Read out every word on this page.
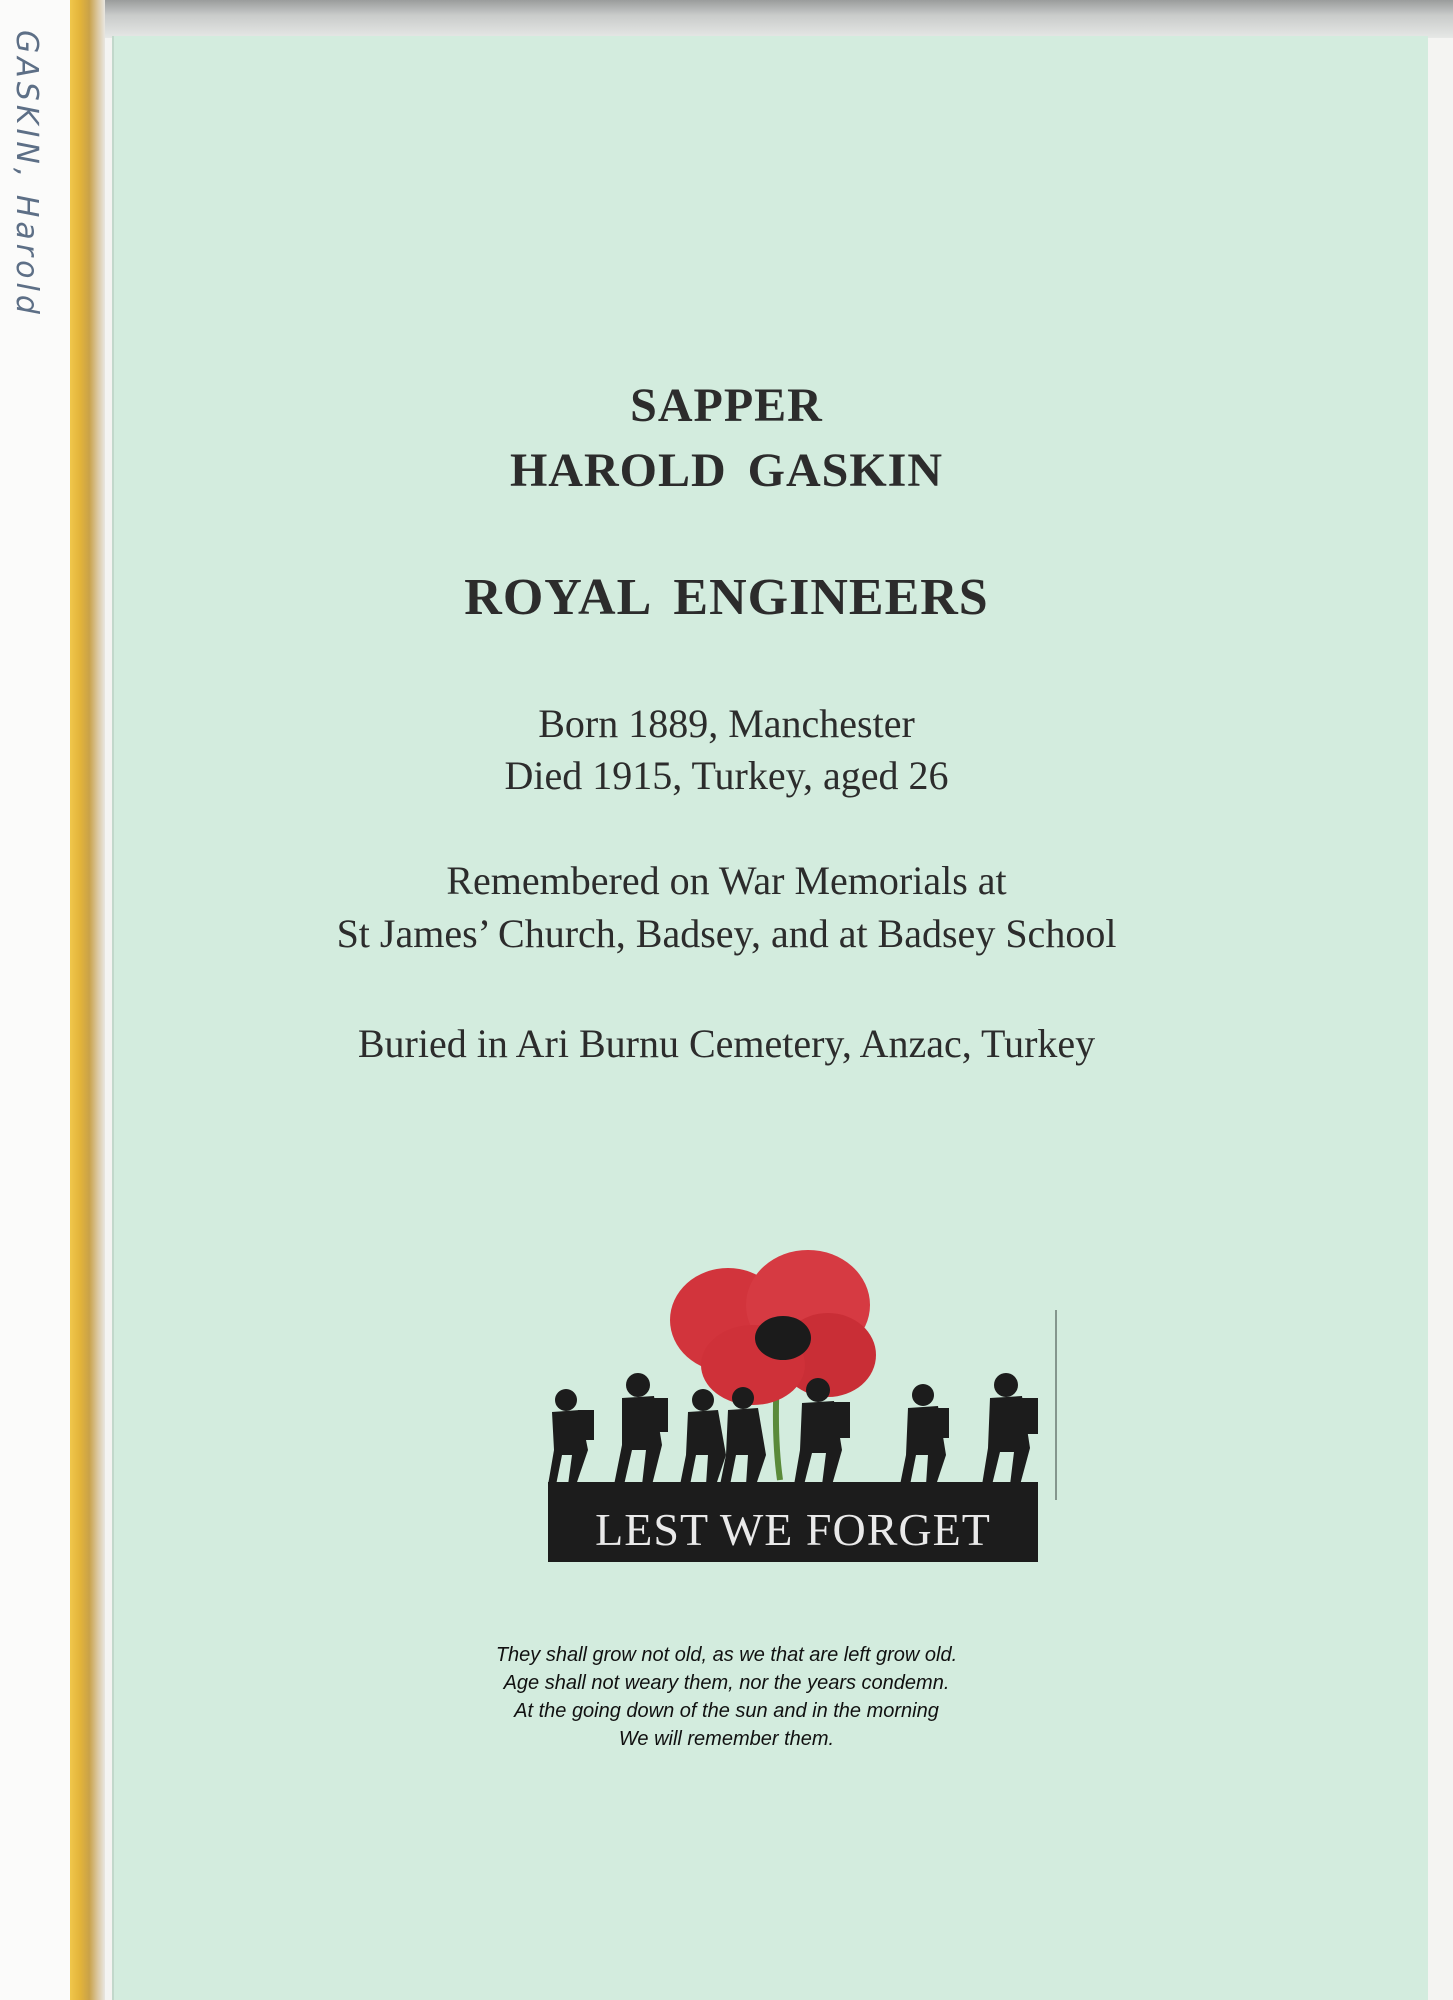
GASKIN, Harold
SAPPER
HAROLD GASKIN
ROYAL ENGINEERS
Born 1889, Manchester
Died 1915, Turkey, aged 26
Remembered on War Memorials at
St James’ Church, Badsey, and at Badsey School
Buried in Ari Burnu Cemetery, Anzac, Turkey
LEST WE FORGET
They shall grow not old, as we that are left grow old.
Age shall not weary them, nor the years condemn.
At the going down of the sun and in the morning
We will remember them.
